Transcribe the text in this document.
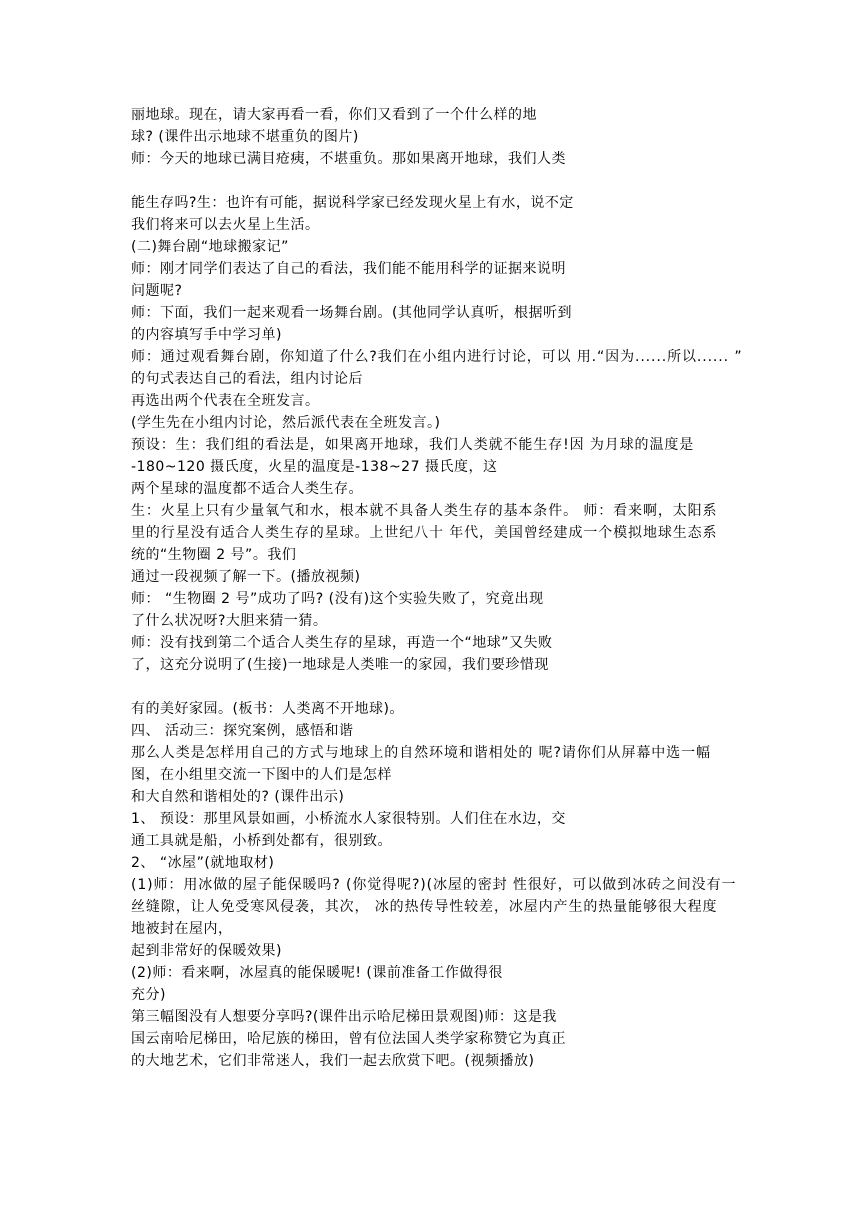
丽地球。现在，请大家再看一看，你们又看到了一个什么样的地
球? (课件出示地球不堪重负的图片)
师：今天的地球已满目疮痍，不堪重负。那如果离开地球，我们人类
能生存吗?生：也许有可能，据说科学家已经发现火星上有水，说不定
我们将来可以去火星上生活。
(二)舞台剧“地球搬家记”
师：刚才同学们表达了自己的看法，我们能不能用科学的证据来说明
问题呢?
师：下面，我们一起来观看一场舞台剧。(其他同学认真听，根据听到
的内容填写手中学习单)
师：通过观看舞台剧，你知道了什么?我们在小组内进行讨论，可以 用.“因为......所以...... ”
的句式表达自己的看法，组内讨论后
再选出两个代表在全班发言。
(学生先在小组内讨论，然后派代表在全班发言。)
预设：生：我们组的看法是，如果离开地球，我们人类就不能生存!因 为月球的温度是
-180~120 摄氏度，火星的温度是-138~27 摄氏度，这
两个星球的温度都不适合人类生存。
生：火星上只有少量氧气和水，根本就不具备人类生存的基本条件。 师：看来啊，太阳系
里的行星没有适合人类生存的星球。上世纪八十 年代，美国曾经建成一个模拟地球生态系
统的“生物圈 2 号”。我们
通过一段视频了解一下。(播放视频)
师： “生物圈 2 号”成功了吗? (没有)这个实验失败了，究竟出现
了什么状况呀?大胆来猜一猜。
师：没有找到第二个适合人类生存的星球，再造一个“地球”又失败
了，这充分说明了(生接)一地球是人类唯一的家园，我们要珍惜现
有的美好家园。(板书：人类离不开地球)。
四、 活动三：探究案例，感悟和谐
那么人类是怎样用自己的方式与地球上的自然环境和谐相处的 呢?请你们从屏幕中选一幅
图，在小组里交流一下图中的人们是怎样
和大自然和谐相处的? (课件出示)
1、 预设：那里风景如画，小桥流水人家很特别。人们住在水边，交
通工具就是船，小桥到处都有，很别致。
2、 “冰屋”(就地取材)
(1)师：用冰做的屋子能保暖吗? (你觉得呢?)(冰屋的密封 性很好，可以做到冰砖之间没有一
丝缝隙，让人免受寒风侵袭，其次， 冰的热传导性较差，冰屋内产生的热量能够很大程度
地被封在屋内，
起到非常好的保暖效果)
(2)师：看来啊，冰屋真的能保暖呢! (课前准备工作做得很
充分)
第三幅图没有人想要分享吗?(课件出示哈尼梯田景观图)师：这是我
国云南哈尼梯田，哈尼族的梯田，曾有位法国人类学家称赞它为真正
的大地艺术，它们非常迷人，我们一起去欣赏下吧。(视频播放)
